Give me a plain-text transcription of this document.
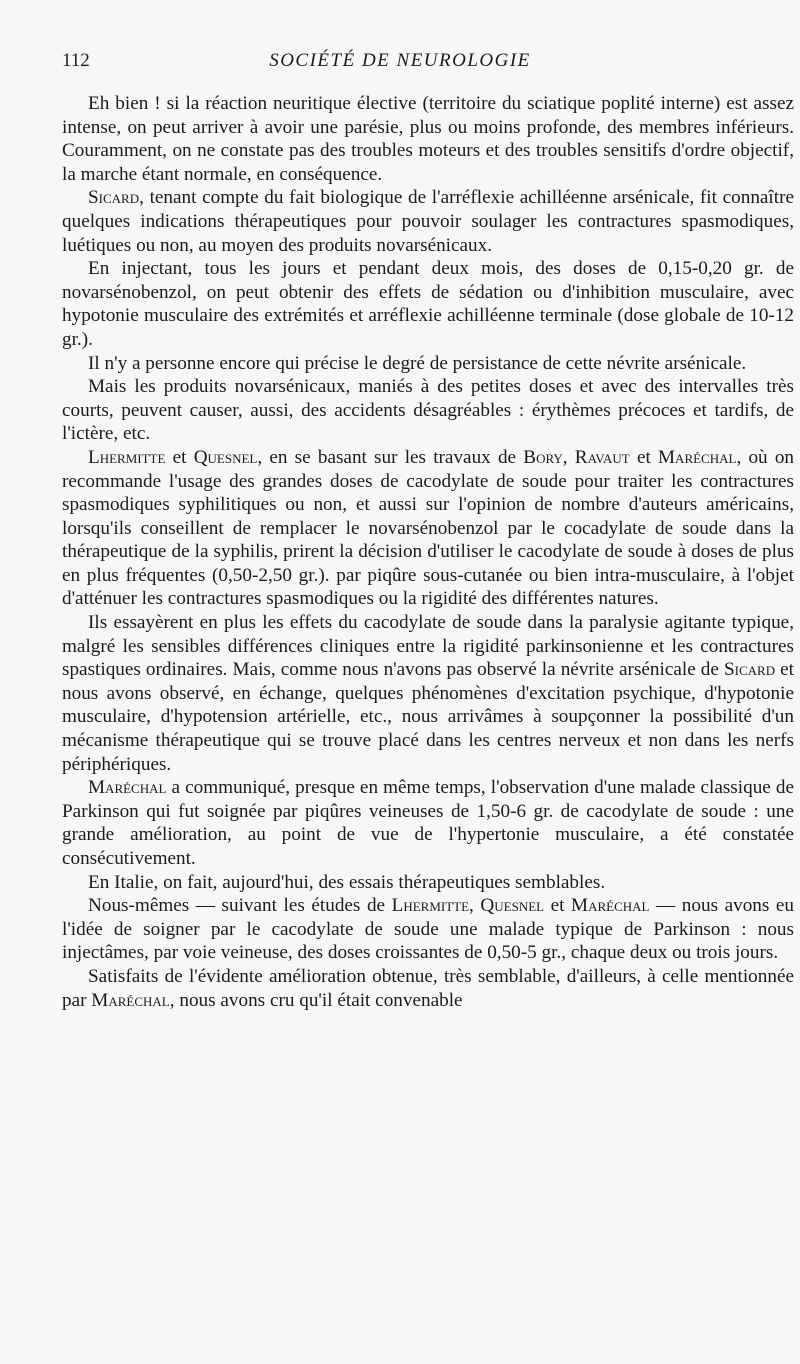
112	SOCIÉTÉ DE NEUROLOGIE

Eh bien ! si la réaction neuritique élective (territoire du sciatique poplité interne) est assez intense, on peut arriver à avoir une parésie, plus ou moins profonde, des membres inférieurs. Couramment, on ne constate pas des troubles moteurs et des troubles sensitifs d'ordre objectif, la marche étant normale, en conséquence.

Sicard, tenant compte du fait biologique de l'arréflexie achilléenne arsénicale, fit connaître quelques indications thérapeutiques pour pouvoir soulager les contractures spasmodiques, luétiques ou non, au moyen des produits novarsénicaux.

En injectant, tous les jours et pendant deux mois, des doses de 0,15-0,20 gr. de novarsénobenzol, on peut obtenir des effets de sédation ou d'inhibition musculaire, avec hypotonie musculaire des extrémités et arréflexie achilléenne terminale (dose globale de 10-12 gr.).

Il n'y a personne encore qui précise le degré de persistance de cette névrite arsénicale.

Mais les produits novarsénicaux, maniés à des petites doses et avec des intervalles très courts, peuvent causer, aussi, des accidents désagréables : érythèmes précoces et tardifs, de l'ictère, etc.

Lhermitte et Quesnel, en se basant sur les travaux de Bory, Ravaut et Maréchal, où on recommande l'usage des grandes doses de cacodylate de soude pour traiter les contractures spasmodiques syphilitiques ou non, et aussi sur l'opinion de nombre d'auteurs américains, lorsqu'ils conseillent de remplacer le novarsénobenzol par le cocadylate de soude dans la thérapeutique de la syphilis, prirent la décision d'utiliser le cacodylate de soude à doses de plus en plus fréquentes (0,50-2,50 gr.). par piqûre sous-cutanée ou bien intra-musculaire, à l'objet d'atténuer les contractures spasmodiques ou la rigidité des différentes natures.

Ils essayèrent en plus les effets du cacodylate de soude dans la paralysie agitante typique, malgré les sensibles différences cliniques entre la rigidité parkinsonienne et les contractures spastiques ordinaires. Mais, comme nous n'avons pas observé la névrite arsénicale de Sicard et nous avons observé, en échange, quelques phénomènes d'excitation psychique, d'hypotonie musculaire, d'hypotension artérielle, etc., nous arrivâmes à soupçonner la possibilité d'un mécanisme thérapeutique qui se trouve placé dans les centres nerveux et non dans les nerfs périphériques.

Maréchal a communiqué, presque en même temps, l'observation d'une malade classique de Parkinson qui fut soignée par piqûres veineuses de 1,50-6 gr. de cacodylate de soude : une grande amélioration, au point de vue de l'hypertonie musculaire, a été constatée consécutivement.

En Italie, on fait, aujourd'hui, des essais thérapeutiques semblables.

Nous-mêmes — suivant les études de Lhermitte, Quesnel et Maréchal — nous avons eu l'idée de soigner par le cacodylate de soude une malade typique de Parkinson : nous injectâmes, par voie veineuse, des doses croissantes de 0,50-5 gr., chaque deux ou trois jours.

Satisfaits de l'évidente amélioration obtenue, très semblable, d'ailleurs, à celle mentionnée par Maréchal, nous avons cru qu'il était convenable
